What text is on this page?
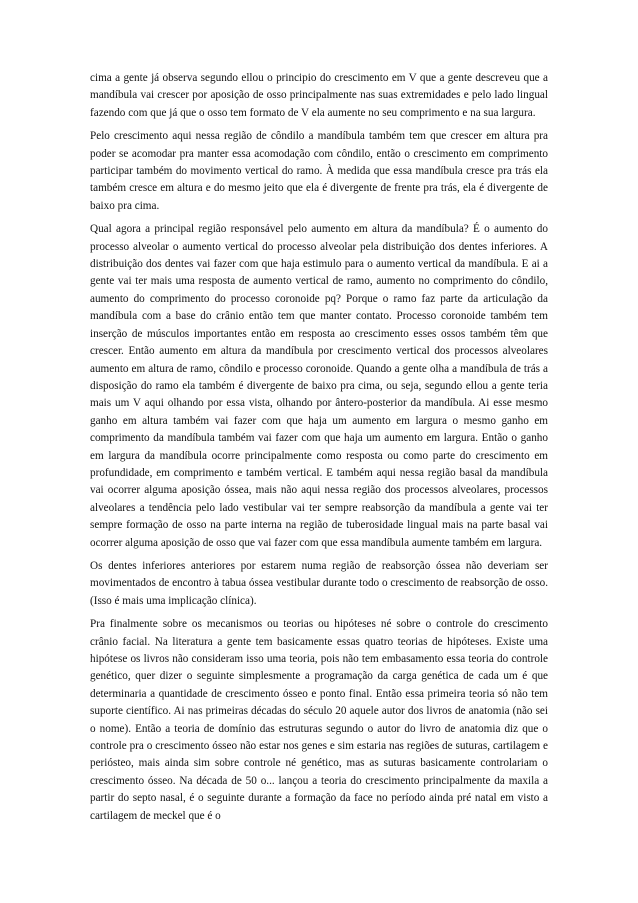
cima a gente já observa segundo ellou o principio do crescimento em V que a gente descreveu que a mandíbula vai crescer por aposição de osso principalmente nas suas extremidades e pelo lado lingual fazendo com que já que o osso tem formato de V ela aumente no seu comprimento e na sua largura.

Pelo crescimento aqui nessa região de côndilo a mandíbula também tem que crescer em altura pra poder se acomodar pra manter essa acomodação com côndilo, então o crescimento em comprimento participar também do movimento vertical do ramo. À medida que essa mandíbula cresce pra trás ela também cresce em altura e do mesmo jeito que ela é divergente de frente pra trás, ela é divergente de baixo pra cima.

Qual agora a principal região responsável pelo aumento em altura da mandíbula? É o aumento do processo alveolar o aumento vertical do processo alveolar pela distribuição dos dentes inferiores. A distribuição dos dentes vai fazer com que haja estimulo para o aumento vertical da mandíbula. E ai a gente vai ter mais uma resposta de aumento vertical de ramo, aumento no comprimento do côndilo, aumento do comprimento do processo coronoide pq? Porque o ramo faz parte da articulação da mandíbula com a base do crânio então tem que manter contato. Processo coronoide também tem inserção de músculos importantes então em resposta ao crescimento esses ossos também têm que crescer. Então aumento em altura da mandíbula por crescimento vertical dos processos alveolares aumento em altura de ramo, côndilo e processo coronoide. Quando a gente olha a mandíbula de trás a disposição do ramo ela também é divergente de baixo pra cima, ou seja, segundo ellou a gente teria mais um V aqui olhando por essa vista, olhando por ântero-posterior da mandíbula. Ai esse mesmo ganho em altura também vai fazer com que haja um aumento em largura o mesmo ganho em comprimento da mandíbula também vai fazer com que haja um aumento em largura. Então o ganho em largura da mandíbula ocorre principalmente como resposta ou como parte do crescimento em profundidade, em comprimento e também vertical. E também aqui nessa região basal da mandíbula vai ocorrer alguma aposição óssea, mais não aqui nessa região dos processos alveolares, processos alveolares a tendência pelo lado vestibular vai ter sempre reabsorção da mandíbula a gente vai ter sempre formação de osso na parte interna na região de tuberosidade lingual mais na parte basal vai ocorrer alguma aposição de osso que vai fazer com que essa mandíbula aumente também em largura.

Os dentes inferiores anteriores por estarem numa região de reabsorção óssea não deveriam ser movimentados de encontro à tabua óssea vestibular durante todo o crescimento de reabsorção de osso. (Isso é mais uma implicação clínica).

Pra finalmente sobre os mecanismos ou teorias ou hipóteses né sobre o controle do crescimento crânio facial. Na literatura a gente tem basicamente essas quatro teorias de hipóteses. Existe uma hipótese os livros não consideram isso uma teoria, pois não tem embasamento essa teoria do controle genético, quer dizer o seguinte simplesmente a programação da carga genética de cada um é que determinaria a quantidade de crescimento ósseo e ponto final. Então essa primeira teoria só não tem suporte científico. Ai nas primeiras décadas do século 20 aquele autor dos livros de anatomia (não sei o nome). Então a teoria de domínio das estruturas segundo o autor do livro de anatomia diz que o controle pra o crescimento ósseo não estar nos genes e sim estaria nas regiões de suturas, cartilagem e periósteo, mais ainda sim sobre controle né genético, mas as suturas basicamente controlariam o crescimento ósseo. Na década de 50 o... lançou a teoria do crescimento principalmente da maxila a partir do septo nasal, é o seguinte durante a formação da face no período ainda pré natal em visto a cartilagem de meckel que é o
